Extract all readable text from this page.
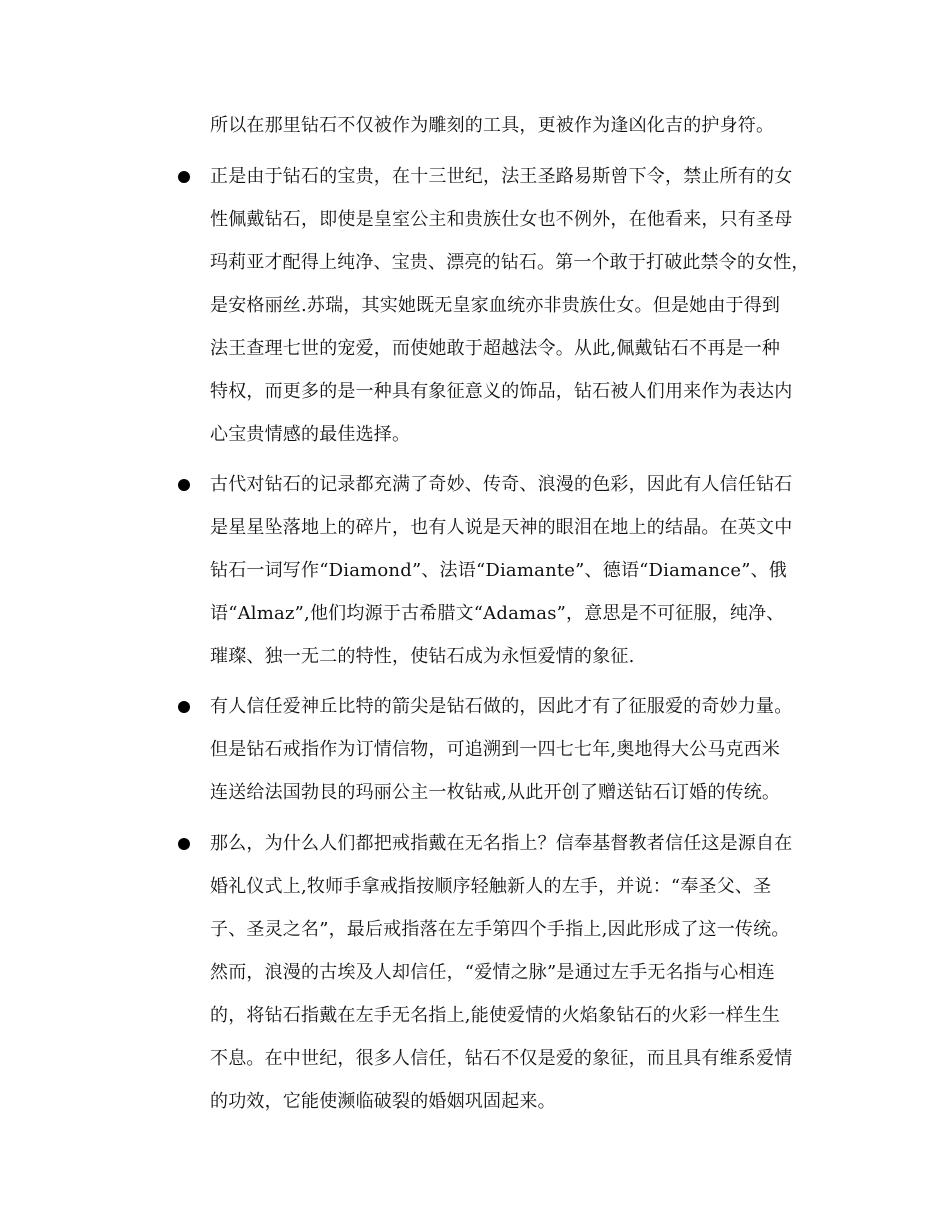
所以在那里钻石不仅被作为雕刻的工具，更被作为逢凶化吉的护身符。
正是由于钻石的宝贵，在十三世纪，法王圣路易斯曾下令，禁止所有的女
性佩戴钻石，即使是皇室公主和贵族仕女也不例外，在他看来，只有圣母
玛莉亚才配得上纯净、宝贵、漂亮的钻石。第一个敢于打破此禁令的女性，
是安格丽丝.苏瑞，其实她既无皇家血统亦非贵族仕女。但是她由于得到
法王查理七世的宠爱，而使她敢于超越法令。从此,佩戴钻石不再是一种
特权，而更多的是一种具有象征意义的饰品，钻石被人们用来作为表达内
心宝贵情感的最佳选择。
古代对钻石的记录都充满了奇妙、传奇、浪漫的色彩，因此有人信任钻石
是星星坠落地上的碎片，也有人说是天神的眼泪在地上的结晶。在英文中
钻石一词写作“Diamond”、法语“Diamante”、德语“Diamance”、俄
语“Almaz”,他们均源于古希腊文“Adamas”，意思是不可征服，纯净、
璀璨、独一无二的特性，使钻石成为永恒爱情的象征.
有人信任爱神丘比特的箭尖是钻石做的，因此才有了征服爱的奇妙力量。
但是钻石戒指作为订情信物，可追溯到一四七七年,奥地得大公马克西米
连送给法国勃艮的玛丽公主一枚钻戒,从此开创了赠送钻石订婚的传统。
那么，为什么人们都把戒指戴在无名指上？信奉基督教者信任这是源自在
婚礼仪式上,牧师手拿戒指按顺序轻触新人的左手，并说：“奉圣父、圣
子、圣灵之名”，最后戒指落在左手第四个手指上,因此形成了这一传统。
然而，浪漫的古埃及人却信任，“爱情之脉”是通过左手无名指与心相连
的，将钻石指戴在左手无名指上,能使爱情的火焰象钻石的火彩一样生生
不息。在中世纪，很多人信任，钻石不仅是爱的象征，而且具有维系爱情
的功效，它能使濒临破裂的婚姻巩固起来。
